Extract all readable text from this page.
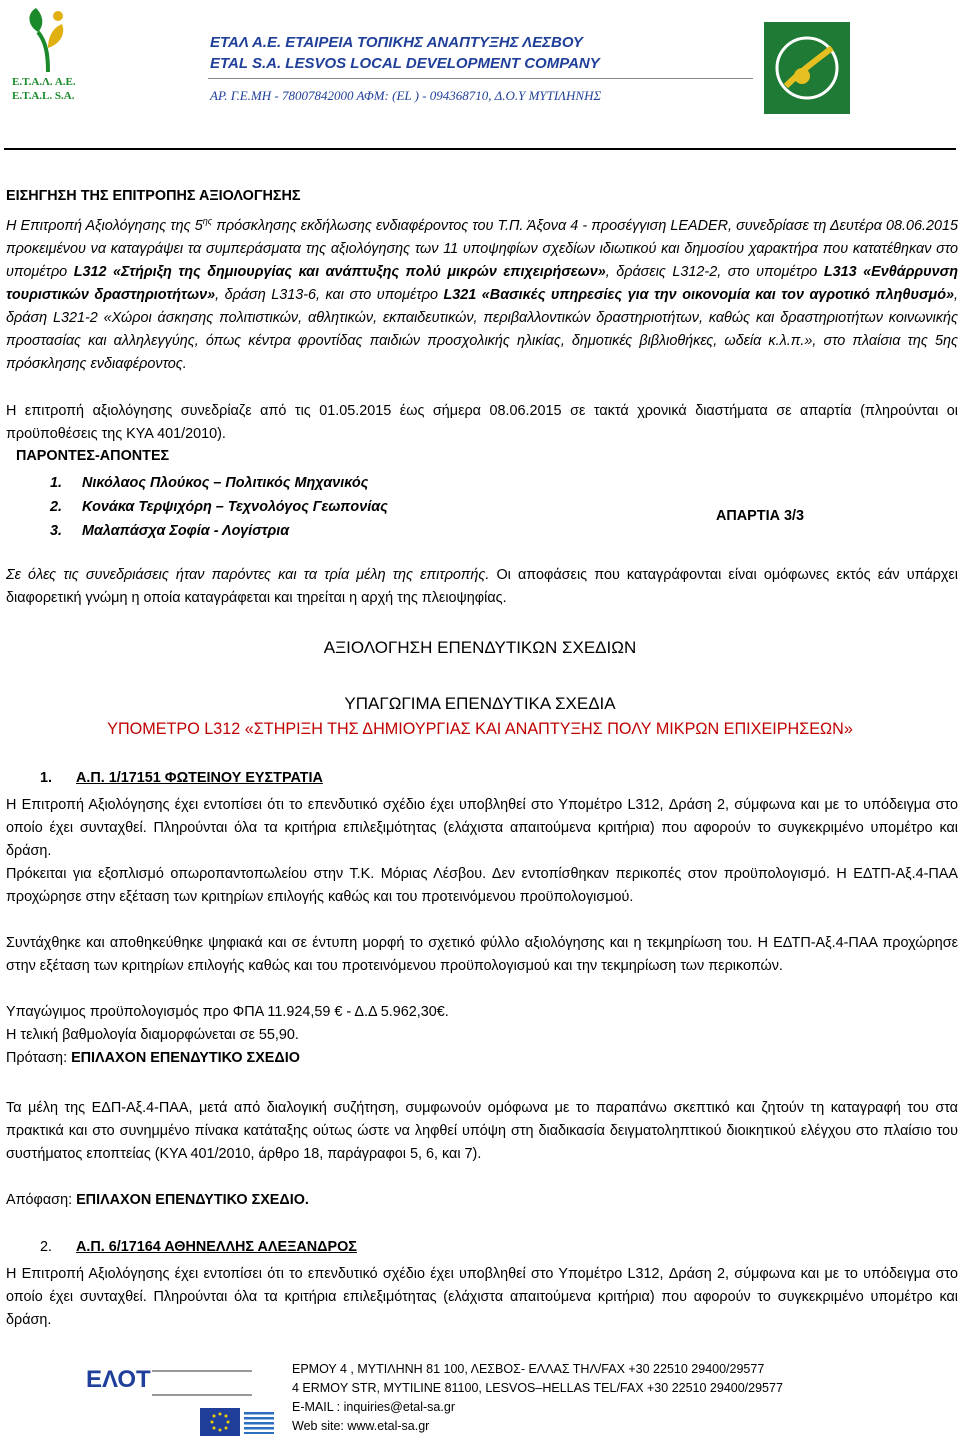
Ε.Τ.Α.Λ. Α.Ε.
E.T.A.L. S.A.
ΕΤΑΛ Α.Ε. ΕΤΑΙΡΕΙΑ ΤΟΠΙΚΗΣ ΑΝΑΠΤΥΞΗΣ ΛΕΣΒΟΥ
ETAL S.A. LESVOS LOCAL DEVELOPMENT COMPANY
ΑΡ. Γ.Ε.ΜΗ - 78007842000 ΑΦΜ: (EL ) - 094368710, Δ.Ο.Υ ΜΥΤΙΛΗΝΗΣ
ΕΙΣΗΓΗΣΗ ΤΗΣ ΕΠΙΤΡΟΠΗΣ ΑΞΙΟΛΟΓΗΣΗΣ

Η Επιτροπή Αξιολόγησης της $5^{\eta\varsigma}$ πρόσκλησης εκδήλωσης ενδιαφέροντος του Τ.Π. Άξονα 4 - προσέγγιση LEADER, συνεδρίασε τη Δευτέρα 08.06.2015 προκειμένου να καταγράψει τα συμπεράσματα της αξιολόγησης των 11 υποψηφίων σχεδίων ιδιωτικού και δημοσίου χαρακτήρα που κατατέθηκαν στο υπομέτρο L312 «Στήριξη της δημιουργίας και ανάπτυξης πολύ μικρών επιχειρήσεων», δράσεις L312-2, στο υπομέτρο L313 «Ενθάρρυνση τουριστικών δραστηριοτήτων», δράση L313-6, και στο υπομέτρο L321 «Βασικές υπηρεσίες για την οικονομία και τον αγροτικό πληθυσμό», δράση L321-2 «Χώροι άσκησης πολιτιστικών, αθλητικών, εκπαιδευτικών, περιβαλλοντικών δραστηριοτήτων, καθώς και δραστηριοτήτων κοινωνικής προστασίας και αλληλεγγύης, όπως κέντρα φροντίδας παιδιών προσχολικής ηλικίας, δημοτικές βιβλιοθήκες, ωδεία κ.λ.π.», στο πλαίσια της 5ης πρόσκλησης ενδιαφέροντος.

Η επιτροπή αξιολόγησης συνεδρίαζε από τις 01.05.2015 έως σήμερα 08.06.2015 σε τακτά χρονικά διαστήματα σε απαρτία (πληρούνται οι προϋποθέσεις της ΚΥΑ 401/2010).

ΠΑΡΟΝΤΕΣ-ΑΠΟΝΤΕΣ
1. Νικόλαος Πλούκος – Πολιτικός Μηχανικός
2. Κονάκα Τερψιχόρη – Τεχνολόγος Γεωπονίας
3. Μαλαπάσχα Σοφία - Λογίστρια
ΑΠΑΡΤΙΑ 3/3

Σε όλες τις συνεδριάσεις ήταν παρόντες και τα τρία μέλη της επιτροπής. Οι αποφάσεις που καταγράφονται είναι ομόφωνες εκτός εάν υπάρχει διαφορετική γνώμη η οποία καταγράφεται και τηρείται η αρχή της πλειοψηφίας.

ΑΞΙΟΛΟΓΗΣΗ ΕΠΕΝΔΥΤΙΚΩΝ ΣΧΕΔΙΩΝ
ΥΠΑΓΩΓΙΜΑ ΕΠΕΝΔΥΤΙΚΑ ΣΧΕΔΙΑ
ΥΠΟΜΕΤΡΟ L312 «ΣΤΗΡΙΞΗ ΤΗΣ ΔΗΜΙΟΥΡΓΙΑΣ ΚΑΙ ΑΝΑΠΤΥΞΗΣ ΠΟΛΥ ΜΙΚΡΩΝ ΕΠΙΧΕΙΡΗΣΕΩΝ»
1. Α.Π. 1/17151 ΦΩΤΕΙΝΟΥ ΕΥΣΤΡΑΤΙΑ

Η Επιτροπή Αξιολόγησης έχει εντοπίσει ότι το επενδυτικό σχέδιο έχει υποβληθεί στο Υπομέτρο L312, Δράση 2, σύμφωνα και με το υπόδειγμα στο οποίο έχει συνταχθεί. Πληρούνται όλα τα κριτήρια επιλεξιμότητας (ελάχιστα απαιτούμενα κριτήρια) που αφορούν το συγκεκριμένο υπομέτρο και δράση.

Πρόκειται για εξοπλισμό οπωροπαντοπωλείου στην Τ.Κ. Μόριας Λέσβου. Δεν εντοπίσθηκαν περικοπές στον προϋπολογισμό. Η ΕΔΤΠ-Αξ.4-ΠΑΑ προχώρησε στην εξέταση των κριτηρίων επιλογής καθώς και του προτεινόμενου προϋπολογισμού.

Συντάχθηκε και αποθηκεύθηκε ψηφιακά και σε έντυπη μορφή το σχετικό φύλλο αξιολόγησης και η τεκμηρίωση του. Η ΕΔΤΠ-Αξ.4-ΠΑΑ προχώρησε στην εξέταση των κριτηρίων επιλογής καθώς και του προτεινόμενου προϋπολογισμού και την τεκμηρίωση των περικοπών.

Υπαγώγιμος προϋπολογισμός προ ΦΠΑ 11.924,59 € - Δ.Δ 5.962,30€.

Η τελική βαθμολογία διαμορφώνεται σε 55,90.

Πρόταση: ΕΠΙΛΑΧΟΝ ΕΠΕΝΔΥΤΙΚΟ ΣΧΕΔΙΟ

Τα μέλη της ΕΔΠ-Αξ.4-ΠΑΑ, μετά από διαλογική συζήτηση, συμφωνούν ομόφωνα με το παραπάνω σκεπτικό και ζητούν τη καταγραφή του στα πρακτικά και στο συνημμένο πίνακα κατάταξης ούτως ώστε να ληφθεί υπόψη στη διαδικασία δειγματοληπτικού διοικητικού ελέγχου στο πλαίσιο του συστήματος εποπτείας (ΚΥΑ 401/2010, άρθρο 18, παράγραφοι 5, 6, και 7).

Απόφαση: ΕΠΙΛΑΧΟΝ ΕΠΕΝΔΥΤΙΚΟ ΣΧΕΔΙΟ.

2. Α.Π. 6/17164 ΑΘΗΝΕΛΛΗΣ ΑΛΕΞΑΝΔΡΟΣ

Η Επιτροπή Αξιολόγησης έχει εντοπίσει ότι το επενδυτικό σχέδιο έχει υποβληθεί στο Υπομέτρο L312, Δράση 2, σύμφωνα και με το υπόδειγμα στο οποίο έχει συνταχθεί. Πληρούνται όλα τα κριτήρια επιλεξιμότητας (ελάχιστα απαιτούμενα κριτήρια) που αφορούν το συγκεκριμένο υπομέτρο και δράση.

ΕΛΟΤ	ΕΡΜΟΥ 4 , ΜΥΤΙΛΗΝΗ 81 100, ΛΕΣΒΟΣ- ΕΛΛΑΣ ΤΗΛ/FAX +30 22510 29400/29577
4 ERMOY STR, MYTILINE 81100, LESVOS–HELLAS TEL/FAX +30 22510 29400/29577
E-MAIL : inquiries@etal-sa.gr
Web site: www.etal-sa.gr
